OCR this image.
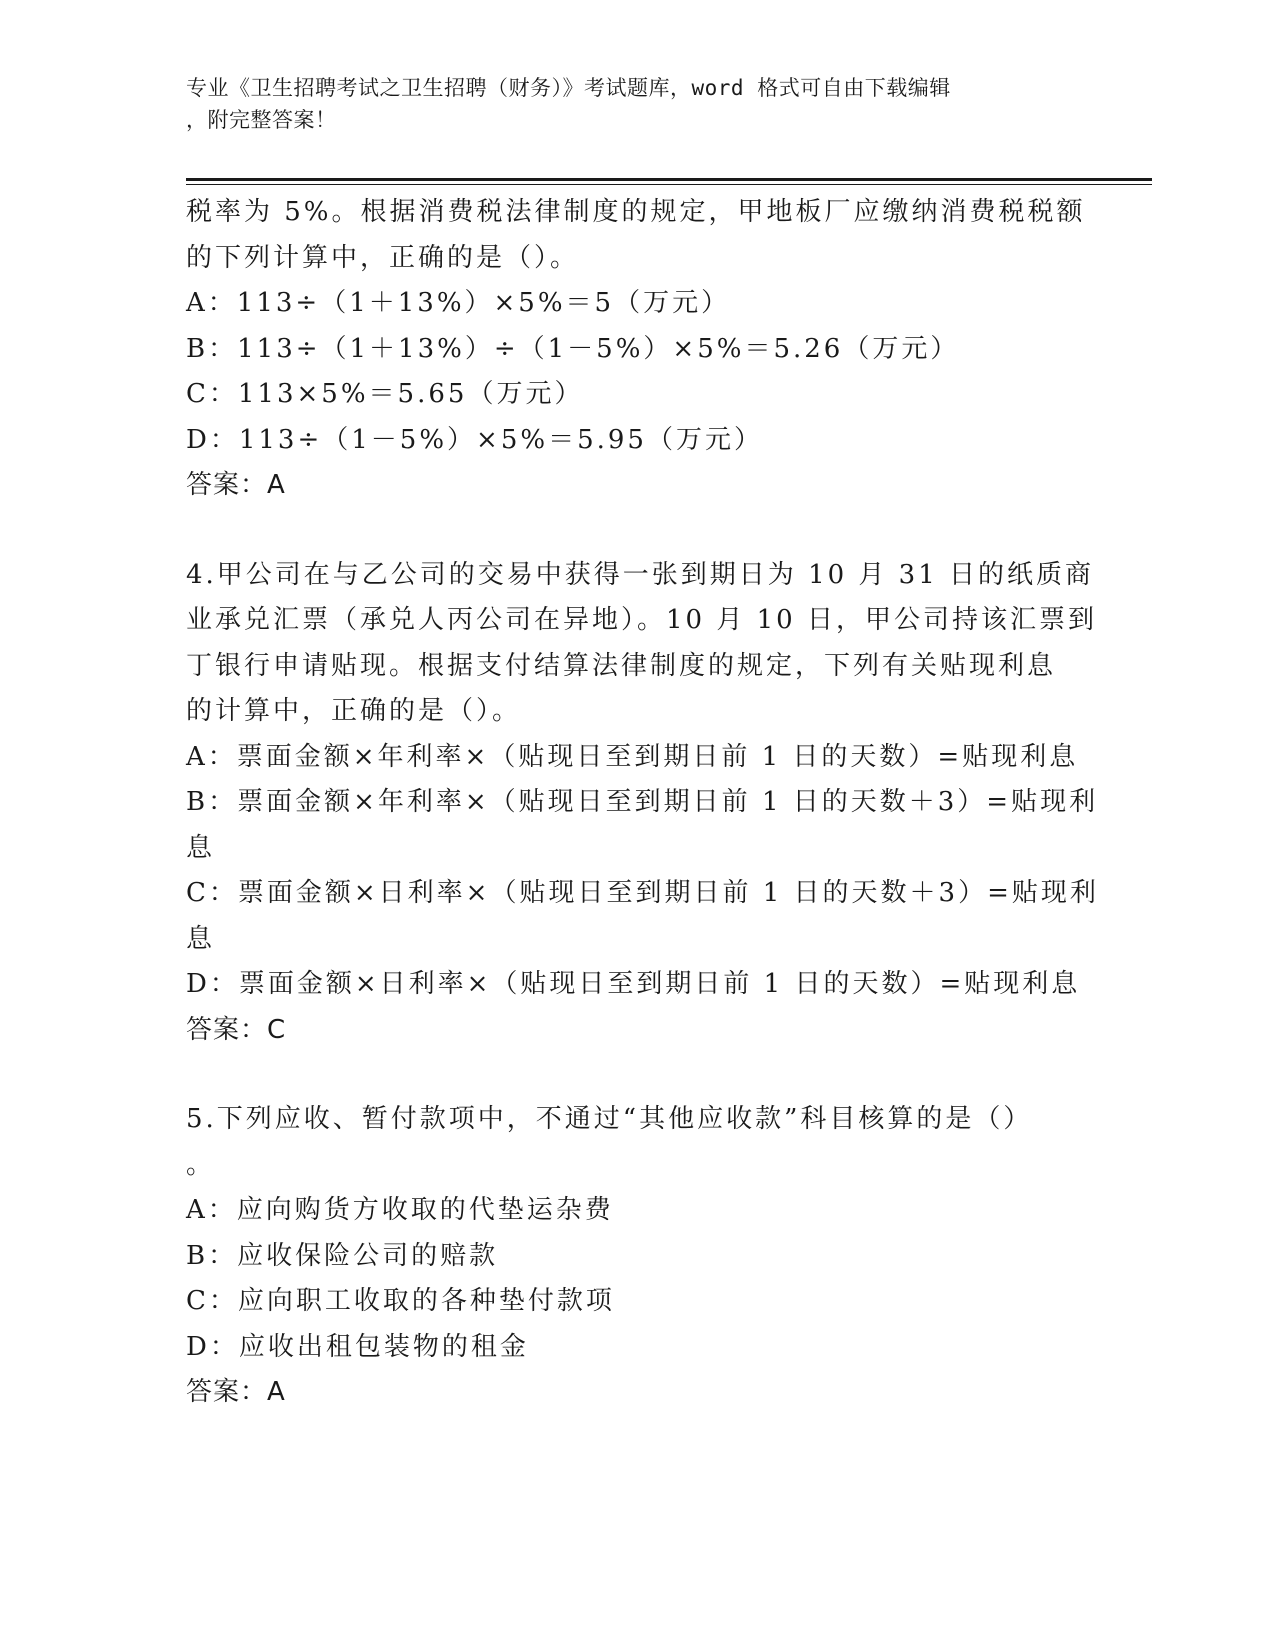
专业《卫生招聘考试之卫生招聘（财务）》考试题库，word 格式可自由下载编辑
，附完整答案！
税率为 5%。根据消费税法律制度的规定，甲地板厂应缴纳消费税税额
的下列计算中，正确的是（）。
A：113÷（1＋13%）×5%＝5（万元）
B：113÷（1＋13%）÷（1－5%）×5%＝5.26（万元）
C：113×5%＝5.65（万元）
D：113÷（1－5%）×5%＝5.95（万元）
答案：A
4.甲公司在与乙公司的交易中获得一张到期日为 10 月 31 日的纸质商
业承兑汇票（承兑人丙公司在异地）。10 月 10 日，甲公司持该汇票到
丁银行申请贴现。根据支付结算法律制度的规定，下列有关贴现利息
的计算中，正确的是（）。
A：票面金额×年利率×（贴现日至到期日前 1 日的天数）=贴现利息
B：票面金额×年利率×（贴现日至到期日前 1 日的天数＋3）=贴现利
息
C：票面金额×日利率×（贴现日至到期日前 1 日的天数＋3）=贴现利
息
D：票面金额×日利率×（贴现日至到期日前 1 日的天数）=贴现利息
答案：C
5.下列应收、暂付款项中，不通过“其他应收款”科目核算的是（）
。
A：应向购货方收取的代垫运杂费
B：应收保险公司的赔款
C：应向职工收取的各种垫付款项
D：应收出租包装物的租金
答案：A
